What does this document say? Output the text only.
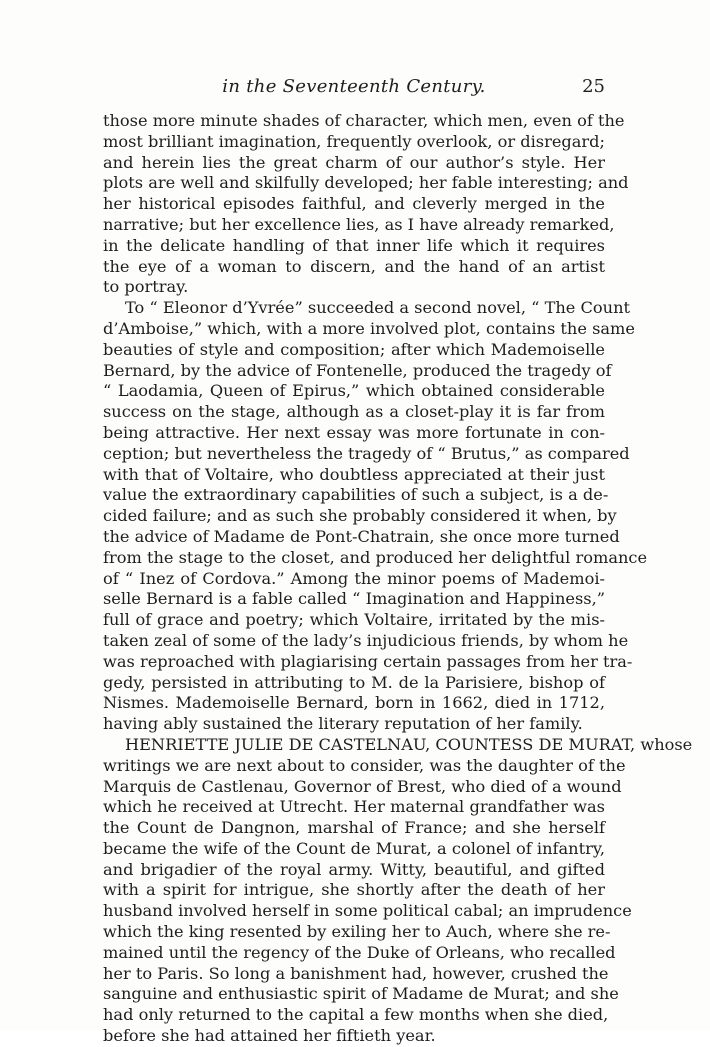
in the Seventeenth Century.	25
those more minute shades of character, which men, even of the
most brilliant imagination, frequently overlook, or disregard;
and herein lies the great charm of our author’s style. Her
plots are well and skilfully developed; her fable interesting; and
her historical episodes faithful, and cleverly merged in the
narrative; but her excellence lies, as I have already remarked,
in the delicate handling of that inner life which it requires
the eye of a woman to discern, and the hand of an artist
to portray.
To “ Eleonor d’Yvrée” succeeded a second novel, “ The Count
d’Amboise,” which, with a more involved plot, contains the same
beauties of style and composition; after which Mademoiselle
Bernard, by the advice of Fontenelle, produced the tragedy of
“ Laodamia, Queen of Epirus,” which obtained considerable
success on the stage, although as a closet-play it is far from
being attractive. Her next essay was more fortunate in con-
ception; but nevertheless the tragedy of “ Brutus,” as compared
with that of Voltaire, who doubtless appreciated at their just
value the extraordinary capabilities of such a subject, is a de-
cided failure; and as such she probably considered it when, by
the advice of Madame de Pont-Chatrain, she once more turned
from the stage to the closet, and produced her delightful romance
of “ Inez of Cordova.” Among the minor poems of Mademoi-
selle Bernard is a fable called “ Imagination and Happiness,”
full of grace and poetry; which Voltaire, irritated by the mis-
taken zeal of some of the lady’s injudicious friends, by whom he
was reproached with plagiarising certain passages from her tra-
gedy, persisted in attributing to M. de la Parisiere, bishop of
Nismes. Mademoiselle Bernard, born in 1662, died in 1712,
having ably sustained the literary reputation of her family.
HENRIETTE JULIE DE CASTELNAU, COUNTESS DE MURAT, whose
writings we are next about to consider, was the daughter of the
Marquis de Castlenau, Governor of Brest, who died of a wound
which he received at Utrecht. Her maternal grandfather was
the Count de Dangnon, marshal of France; and she herself
became the wife of the Count de Murat, a colonel of infantry,
and brigadier of the royal army. Witty, beautiful, and gifted
with a spirit for intrigue, she shortly after the death of her
husband involved herself in some political cabal; an imprudence
which the king resented by exiling her to Auch, where she re-
mained until the regency of the Duke of Orleans, who recalled
her to Paris. So long a banishment had, however, crushed the
sanguine and enthusiastic spirit of Madame de Murat; and she
had only returned to the capital a few months when she died,
before she had attained her fiftieth year.
